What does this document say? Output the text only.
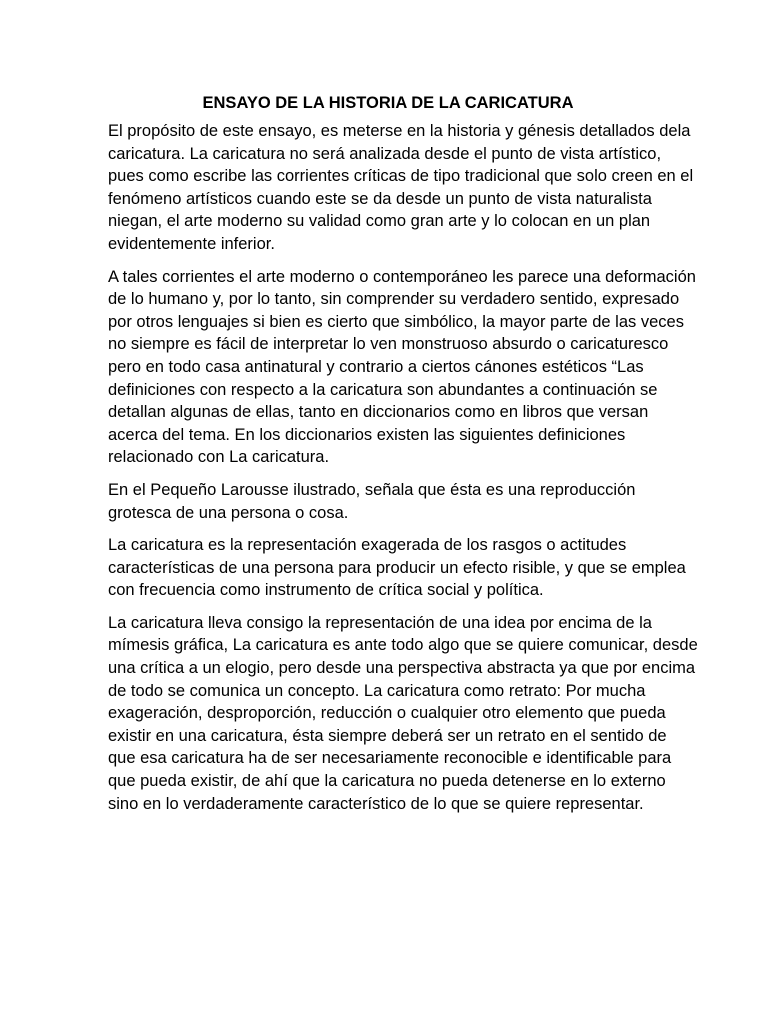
ENSAYO DE LA HISTORIA DE LA CARICATURA

El propósito de este ensayo, es meterse en la historia y génesis detallados dela caricatura. La caricatura no será analizada desde el punto de vista artístico, pues como escribe las corrientes críticas de tipo tradicional que solo creen en el fenómeno artísticos cuando este se da desde un punto de vista naturalista niegan, el arte moderno su validad como gran arte y lo colocan en un plan evidentemente inferior.

A tales corrientes el arte moderno o contemporáneo les parece una deformación de lo humano y, por lo tanto, sin comprender su verdadero sentido, expresado por otros lenguajes si bien es cierto que simbólico, la mayor parte de las veces no siempre es fácil de interpretar lo ven monstruoso absurdo o caricaturesco pero en todo casa antinatural y contrario a ciertos cánones estéticos “Las definiciones con respecto a la caricatura son abundantes a continuación se detallan algunas de ellas, tanto en diccionarios como en libros que versan acerca del tema. En los diccionarios existen las siguientes definiciones relacionado con La caricatura.

En el Pequeño Larousse ilustrado, señala que ésta es una reproducción grotesca de una persona o cosa.

La caricatura es la representación exagerada de los rasgos o actitudes características de una persona para producir un efecto risible, y que se emplea con frecuencia como instrumento de crítica social y política.

La caricatura lleva consigo la representación de una idea por encima de la mímesis gráfica, La caricatura es ante todo algo que se quiere comunicar, desde una crítica a un elogio, pero desde una perspectiva abstracta ya que por encima de todo se comunica un concepto. La caricatura como retrato: Por mucha exageración, desproporción, reducción o cualquier otro elemento que pueda existir en una caricatura, ésta siempre deberá ser un retrato en el sentido de que esa caricatura ha de ser necesariamente reconocible e identificable para que pueda existir, de ahí que la caricatura no pueda detenerse en lo externo sino en lo verdaderamente característico de lo que se quiere representar.
